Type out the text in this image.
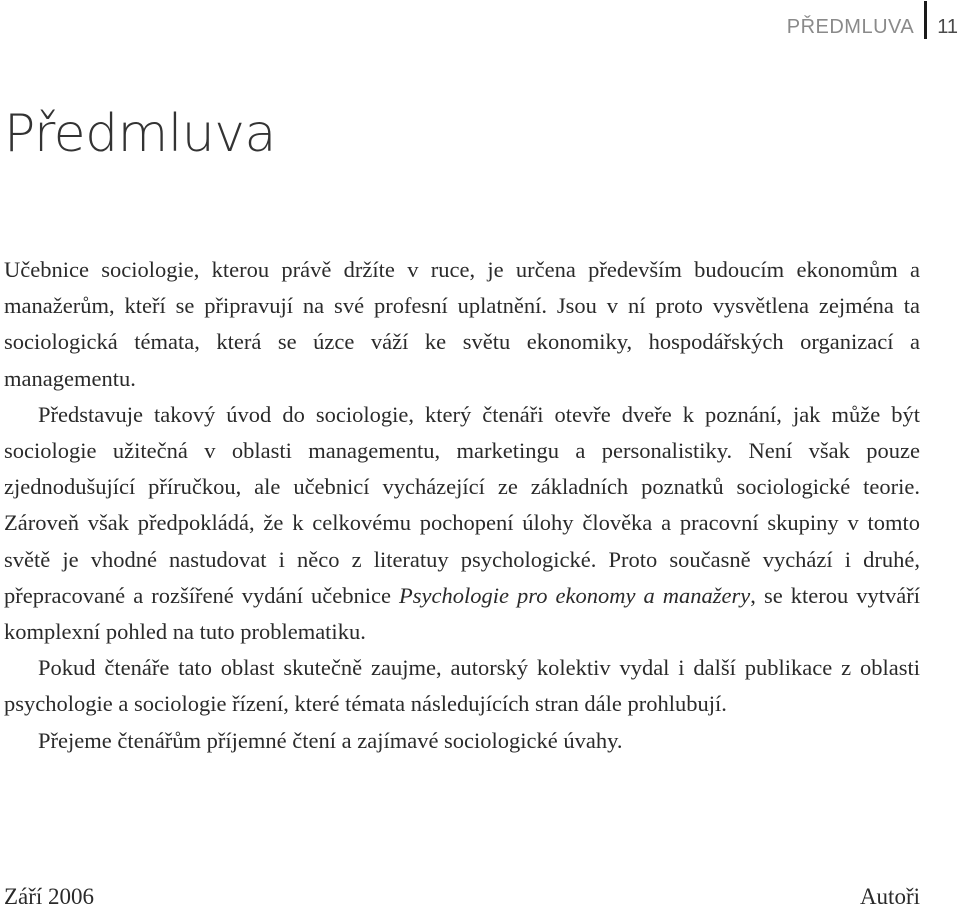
PŘEDMLUVA 11
Předmluva

Učebnice sociologie, kterou právě držíte v ruce, je určena především budoucím ekonomům a manažerům, kteří se připravují na své profesní uplatnění. Jsou v ní proto vysvětlena zejména ta sociologická témata, která se úzce váží ke světu ekonomiky, hospodářských organizací a managementu.

Představuje takový úvod do sociologie, který čtenáři otevře dveře k poznání, jak může být sociologie užitečná v oblasti managementu, marketingu a personalistiky. Není však pouze zjednodušující příručkou, ale učebnicí vycházející ze základních poznatků sociologické teorie. Zároveň však předpokládá, že k celkovému pochopení úlohy člověka a pracovní skupiny v tomto světě je vhodné nastudovat i něco z literatuy psychologické. Proto současně vychází i druhé, přepracované a rozšířené vydání učebnice Psychologie pro ekonomy a manažery, se kterou vytváří komplexní pohled na tuto problematiku.

Pokud čtenáře tato oblast skutečně zaujme, autorský kolektiv vydal i další publikace z oblasti psychologie a sociologie řízení, které témata následujících stran dále prohlubují.

Přejeme čtenářům příjemné čtení a zajímavé sociologické úvahy.

Září 2006	Autoři
